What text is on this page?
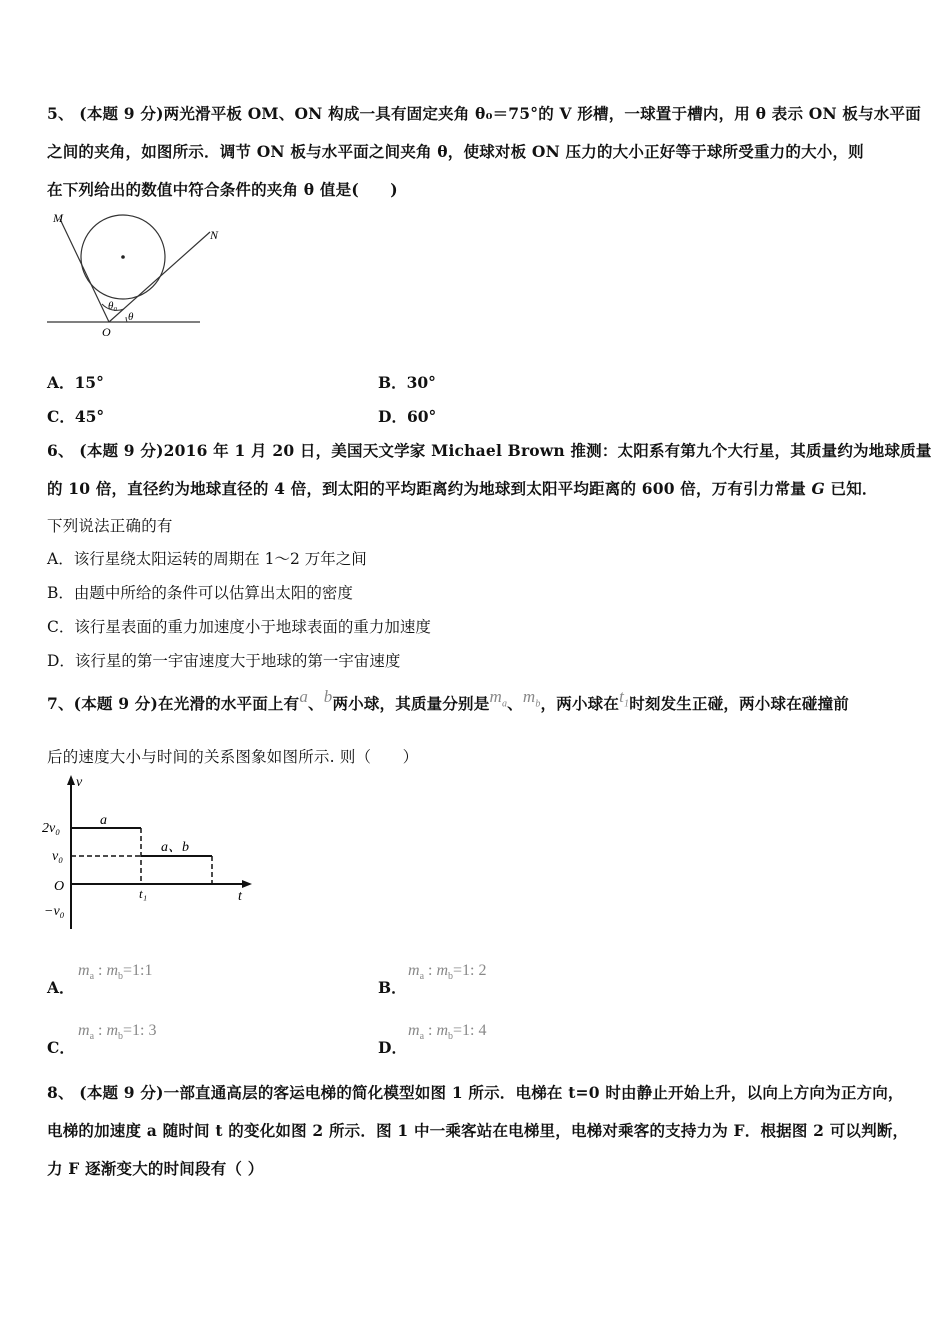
5、 (本题 9 分)两光滑平板 OM、ON 构成一具有固定夹角 θ₀＝75°的 V 形槽，一球置于槽内，用 θ 表示 ON 板与水平面
之间的夹角，如图所示．调节 ON 板与水平面之间夹角 θ，使球对板 ON 压力的大小正好等于球所受重力的大小，则
在下列给出的数值中符合条件的夹角 θ 值是(　　)
M
N
O
θ₀
θ
A．15°	B．30°
C．45°	D．60°
6、 (本题 9 分)2016 年 1 月 20 日，美国天文学家 Michael Brown 推测：太阳系有第九个大行星，其质量约为地球质量
的 10 倍，直径约为地球直径的 4 倍，到太阳的平均距离约为地球到太阳平均距离的 600 倍，万有引力常量 G 已知．
下列说法正确的有
A．该行星绕太阳运转的周期在 1～2 万年之间
B．由题中所给的条件可以估算出太阳的密度
C．该行星表面的重力加速度小于地球表面的重力加速度
D．该行星的第一宇宙速度大于地球的第一宇宙速度
7、(本题 9 分)在光滑的水平面上有a、b两小球，其质量分别是$m_a$、$m_b$，两小球在$t_1$时刻发生正碰，两小球在碰撞前
后的速度大小与时间的关系图象如图所示. 则（　　）
v
t
O	t₁
2v₀
v₀
−v₀
a
a、b
A．
$m_a$ : $m_b=1:1$
B．
$m_a$ : $m_b=1$: 2
C．
$m_a$ : $m_b=1$: 3
D．
$m_a$ : $m_b=1$: 4
8、 (本题 9 分)一部直通高层的客运电梯的简化模型如图 1 所示．电梯在 t=0 时由静止开始上升，以向上方向为正方向，
电梯的加速度 a 随时间 t 的变化如图 2 所示．图 1 中一乘客站在电梯里，电梯对乘客的支持力为 F．根据图 2 可以判断，
力 F 逐渐变大的时间段有（ ）
